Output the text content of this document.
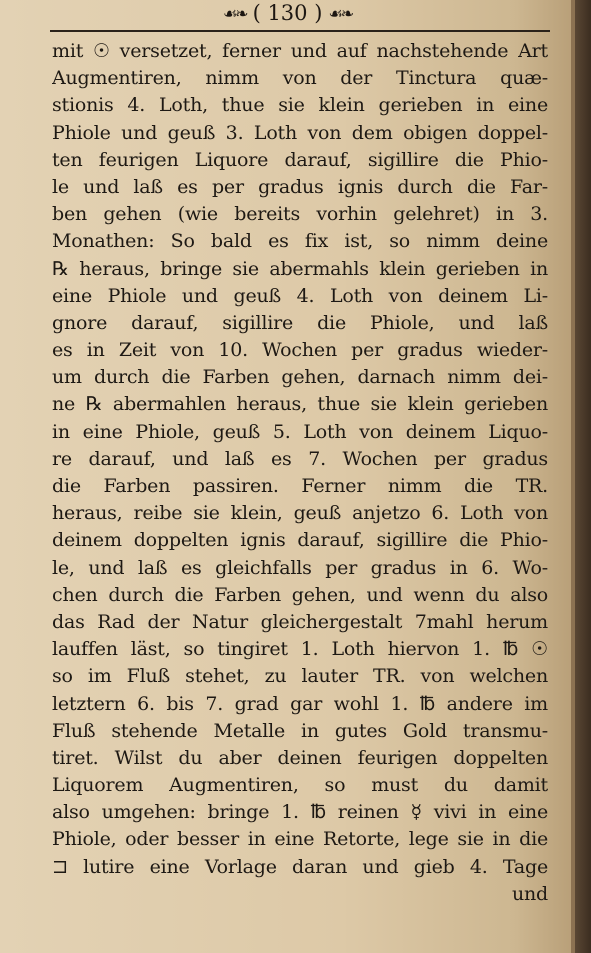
☙❧ ( 130 ) ☙❧
mit ☉ versetzet, ferner und auf nachstehende Art
Augmentiren, nimm von der Tinctura quæ-
stionis 4. Loth, thue sie klein gerieben in eine
Phiole und geuß 3. Loth von dem obigen doppel-
ten feurigen Liquore darauf, sigillire die Phio-
le und laß es per gradus ignis durch die Far-
ben gehen (wie bereits vorhin gelehret) in 3.
Monathen: So bald es fix ist, so nimm deine
℞ heraus, bringe sie abermahls klein gerieben in
eine Phiole und geuß 4. Loth von deinem Li-
gnore darauf, sigillire die Phiole, und laß
es in Zeit von 10. Wochen per gradus wieder-
um durch die Farben gehen, darnach nimm dei-
ne ℞ abermahlen heraus, thue sie klein gerieben
in eine Phiole, geuß 5. Loth von deinem Liquo-
re darauf, und laß es 7. Wochen per gradus
die Farben passiren. Ferner nimm die TR.
heraus, reibe sie klein, geuß anjetzo 6. Loth von
deinem doppelten ignis darauf, sigillire die Phio-
le, und laß es gleichfalls per gradus in 6. Wo-
chen durch die Farben gehen, und wenn du also
das Rad der Natur gleichergestalt 7mahl herum
lauffen läst, so tingiret 1. Loth hiervon 1. ℔ ☉
so im Fluß stehet, zu lauter TR. von welchen
letztern 6. bis 7. grad gar wohl 1. ℔ andere im
Fluß stehende Metalle in gutes Gold transmu-
tiret. Wilst du aber deinen feurigen doppelten
Liquorem Augmentiren, so must du damit
also umgehen: bringe 1. ℔ reinen ☿ vivi in eine
Phiole, oder besser in eine Retorte, lege sie in die
⊐ lutire eine Vorlage daran und gieb 4. Tage
und
